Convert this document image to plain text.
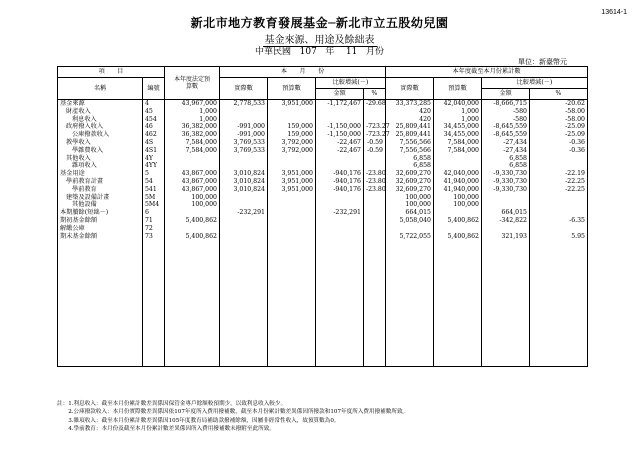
13614-1
新北市地方教育發展基金─新北市立五股幼兒園
基金來源、用途及餘絀表
中華民國 107 年 11 月份
單位：新臺幣元
項　　目		本年度法定預算數	本　　月　　份				本年度截至本月份累計數			
名稱	編號		實際數	預算數	比較增減(－)		實際數	預算數	比較增減(－)	
					金額	%			金額	%
基金來源	4	43,967,000	2,778,533	3,951,000	-1,172,467	-29.68	33,373,285	42,040,000	-8,666,715	-20.62
財產收入	45	1,000					420	1,000	-580	-58.00
利息收入	454	1,000					420	1,000	-580	-58.00
政府撥入收入	46	36,382,000	-991,000	159,000	-1,150,000	-723.27	25,809,441	34,455,000	-8,645,559	-25.09
公庫撥款收入	462	36,382,000	-991,000	159,000	-1,150,000	-723.27	25,809,441	34,455,000	-8,645,559	-25.09
教學收入	4S	7,584,000	3,769,533	3,792,000	-22,467	-0.59	7,556,566	7,584,000	-27,434	-0.36
學雜費收入	4S1	7,584,000	3,769,533	3,792,000	-22,467	-0.59	7,556,566	7,584,000	-27,434	-0.36
其他收入	4Y						6,858		6,858	
雜項收入	4YY						6,858		6,858	
基金用途	5	43,867,000	3,010,824	3,951,000	-940,176	-23.80	32,609,270	42,040,000	-9,330,730	-22.19
學前教育計畫	54	43,867,000	3,010,824	3,951,000	-940,176	-23.80	32,609,270	41,940,000	-9,330,730	-22.25
學前教育	541	43,867,000	3,010,824	3,951,000	-940,176	-23.80	32,609,270	41,940,000	-9,330,730	-22.25
建築及設備計畫	5M	100,000					100,000	100,000		
其他設備	5M4	100,000					100,000	100,000		
本期賸餘(短絀－)	6		-232,291		-232,291		664,015		664,015	
期初基金餘額	71	5,400,862					5,058,040	5,400,862	-342,822	-6.35
解繳公庫	72									
期末基金餘額	73	5,400,862					5,722,055	5,400,862	321,193	5.95

註：1.利息收入：截至本月份累計數差異係因保管金專戶餘額較預期少，以致利息收入較少。
　　2.公庫撥款收入：本月份實際數差異係因依107年度所入費用撥補數，截至本月份累計數差異係因所撥款和107年度所入費用撥補數所致。
　　3.雜項收入：截至本月份累計數差異係因105年度教育局補助款撥補餘額，因屬非經常性收入，故預算數為0。
　　4.學前教育：本月份及截至本月份累計數差異係因所入費用撥補數未撥附至此所致。
